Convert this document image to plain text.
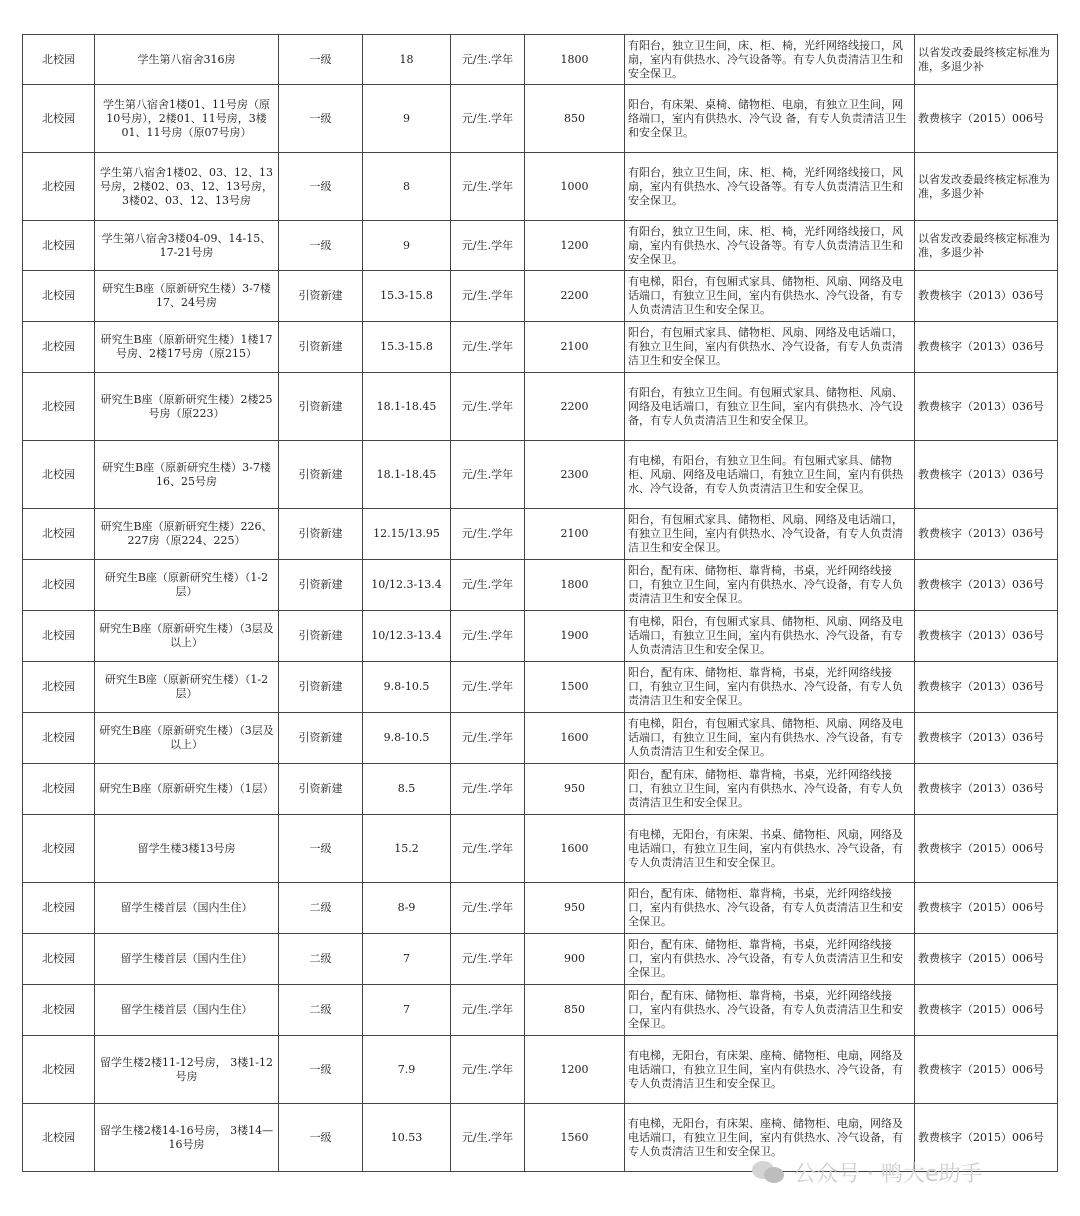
北校园	学生第八宿舍316房	一级	18	元/生.学年	1800	有阳台，独立卫生间，床、柜、椅，光纤网络线接口，风扇，室内有供热水、冷气设备等。有专人负责清洁卫生和安全保卫。	以省发改委最终核定标准为准，多退少补
北校园	学生第八宿舍1楼01、11号房（原10号房），2楼01、11号房，3楼01、11号房（原07号房）	一级	9	元/生.学年	850	阳台，有床架、桌椅、储物柜、电扇，有独立卫生间，网络端口，室内有供热水、冷气设 备，有专人负责清洁卫生和安全保卫。	教费核字（2015）006号
北校园	学生第八宿舍1楼02、03、12、13号房，2楼02、03、12、13号房，3楼02、03、12、13号房	一级	8	元/生.学年	1000	有阳台，独立卫生间，床、柜、椅，光纤网络线接口，风扇，室内有供热水、冷气设备等。有专人负责清洁卫生和安全保卫。	以省发改委最终核定标准为准，多退少补
北校园	学生第八宿舍3楼04-09、14-15、17-21号房	一级	9	元/生.学年	1200	有阳台，独立卫生间，床、柜、椅，光纤网络线接口，风扇，室内有供热水、冷气设备等。有专人负责清洁卫生和安全保卫。	以省发改委最终核定标准为准，多退少补
北校园	研究生B座（原新研究生楼）3-7楼17、24号房	引资新建	15.3-15.8	元/生.学年	2200	有电梯，阳台，有包厢式家具、储物柜、风扇、网络及电话端口，有独立卫生间，室内有供热水、冷气设备，有专人负责清洁卫生和安全保卫。	教费核字（2013）036号
北校园	研究生B座（原新研究生楼）1楼17号房、2楼17号房（原215）	引资新建	15.3-15.8	元/生.学年	2100	阳台，有包厢式家具、储物柜、风扇、网络及电话端口，有独立卫生间，室内有供热水、冷气设备，有专人负责清洁卫生和安全保卫。	教费核字（2013）036号
北校园	研究生B座（原新研究生楼）2楼25号房（原223）	引资新建	18.1-18.45	元/生.学年	2200	有阳台，有独立卫生间。有包厢式家具、储物柜、风扇、网络及电话端口，有独立卫生间，室内有供热水、冷气设备，有专人负责清洁卫生和安全保卫。	教费核字（2013）036号
北校园	研究生B座（原新研究生楼）3-7楼16、25号房	引资新建	18.1-18.45	元/生.学年	2300	有电梯，有阳台，有独立卫生间。有包厢式家具、储物柜、风扇、网络及电话端口，有独立卫生间，室内有供热水、冷气设备，有专人负责清洁卫生和安全保卫。	教费核字（2013）036号
北校园	研究生B座（原新研究生楼）226、227房（原224、225）	引资新建	12.15/13.95	元/生.学年	2100	阳台，有包厢式家具、储物柜、风扇、网络及电话端口，有独立卫生间，室内有供热水、冷气设备，有专人负责清洁卫生和安全保卫。	教费核字（2013）036号
北校园	研究生B座（原新研究生楼）（1-2层）	引资新建	10/12.3-13.4	元/生.学年	1800	阳台，配有床、储物柜、靠背椅，书桌，光纤网络线接口，有独立卫生间，室内有供热水、冷气设备，有专人负责清洁卫生和安全保卫。	教费核字（2013）036号
北校园	研究生B座（原新研究生楼）（3层及以上）	引资新建	10/12.3-13.4	元/生.学年	1900	有电梯，阳台，有包厢式家具、储物柜、风扇、网络及电话端口，有独立卫生间，室内有供热水、冷气设备，有专人负责清洁卫生和安全保卫。	教费核字（2013）036号
北校园	研究生B座（原新研究生楼）（1-2层）	引资新建	9.8-10.5	元/生.学年	1500	阳台，配有床、储物柜、靠背椅，书桌，光纤网络线接口，有独立卫生间，室内有供热水、冷气设备，有专人负责清洁卫生和安全保卫。	教费核字（2013）036号
北校园	研究生B座（原新研究生楼）（3层及以上）	引资新建	9.8-10.5	元/生.学年	1600	有电梯，阳台，有包厢式家具、储物柜、风扇、网络及电话端口，有独立卫生间，室内有供热水、冷气设备，有专人负责清洁卫生和安全保卫。	教费核字（2013）036号
北校园	研究生B座（原新研究生楼）（1层）	引资新建	8.5	元/生.学年	950	阳台，配有床、储物柜、靠背椅，书桌，光纤网络线接口，有独立卫生间，室内有供热水、冷气设备，有专人负责清洁卫生和安全保卫。	教费核字（2013）036号
北校园	留学生楼3楼13号房	一级	15.2	元/生.学年	1600	有电梯，无阳台，有床架、书桌、储物柜、风扇，网络及电话端口，有独立卫生间，室内有供热水、冷气设备，有专人负责清洁卫生和安全保卫。	教费核字（2015）006号
北校园	留学生楼首层（国内生住）	二级	8-9	元/生.学年	950	阳台，配有床、储物柜、靠背椅，书桌，光纤网络线接口，室内有供热水、冷气设备，有专人负责清洁卫生和安全保卫。	教费核字（2015）006号
北校园	留学生楼首层（国内生住）	二级	7	元/生.学年	900	阳台，配有床、储物柜、靠背椅，书桌，光纤网络线接口，室内有供热水、冷气设备，有专人负责清洁卫生和安全保卫。	教费核字（2015）006号
北校园	留学生楼首层（国内生住）	二级	7	元/生.学年	850	阳台，配有床、储物柜、靠背椅，书桌，光纤网络线接口，室内有供热水、冷气设备，有专人负责清洁卫生和安全保卫。	教费核字（2015）006号
北校园	留学生楼2楼11-12号房， 3楼1-12号房	一级	7.9	元/生.学年	1200	有电梯，无阳台，有床架、座椅、储物柜、电扇，网络及电话端口，有独立卫生间，室内有供热水、冷气设备，有专人负责清洁卫生和安全保卫。	教费核字（2015）006号
北校园	留学生楼2楼14-16号房， 3楼14—16号房	一级	10.53	元/生.学年	1560	有电梯，无阳台，有床架、座椅、储物柜、电扇，网络及电话端口，有独立卫生间，室内有供热水、冷气设备，有专人负责清洁卫生和安全保卫。	教费核字（2015）006号
公众号 · 鸭大e助手
